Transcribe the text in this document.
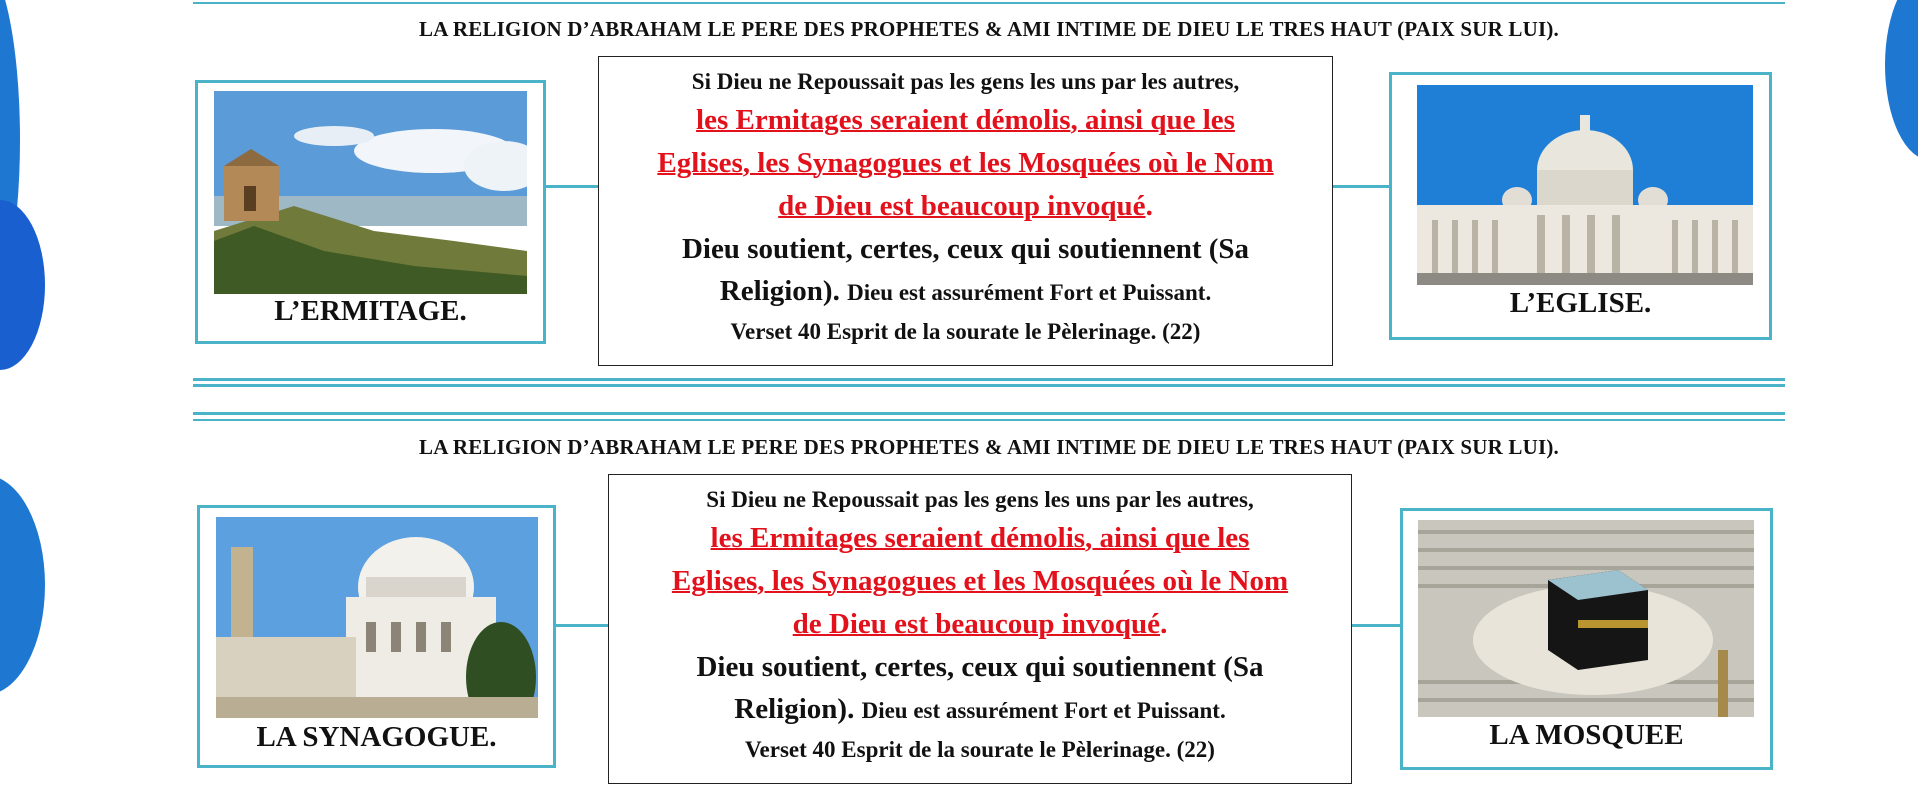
LA RELIGION D’ABRAHAM LE PERE DES PROPHETES & AMI INTIME DE DIEU LE TRES HAUT (PAIX SUR LUI).
L’ERMITAGE.
Si Dieu ne Repoussait pas les gens les uns par les autres,
les Ermitages seraient démolis, ainsi que les
Eglises, les Synagogues et les Mosquées où le Nom
de Dieu est beaucoup invoqué.
Dieu soutient, certes, ceux qui soutiennent (Sa
Religion). Dieu est assurément Fort et Puissant.
Verset 40 Esprit de la sourate le Pèlerinage. (22)
L’EGLISE.
LA RELIGION D’ABRAHAM LE PERE DES PROPHETES & AMI INTIME DE DIEU LE TRES HAUT (PAIX SUR LUI).
LA SYNAGOGUE.
Si Dieu ne Repoussait pas les gens les uns par les autres,
les Ermitages seraient démolis, ainsi que les
Eglises, les Synagogues et les Mosquées où le Nom
de Dieu est beaucoup invoqué.
Dieu soutient, certes, ceux qui soutiennent (Sa
Religion). Dieu est assurément Fort et Puissant.
Verset 40 Esprit de la sourate le Pèlerinage. (22)	LA MOSQUEE
